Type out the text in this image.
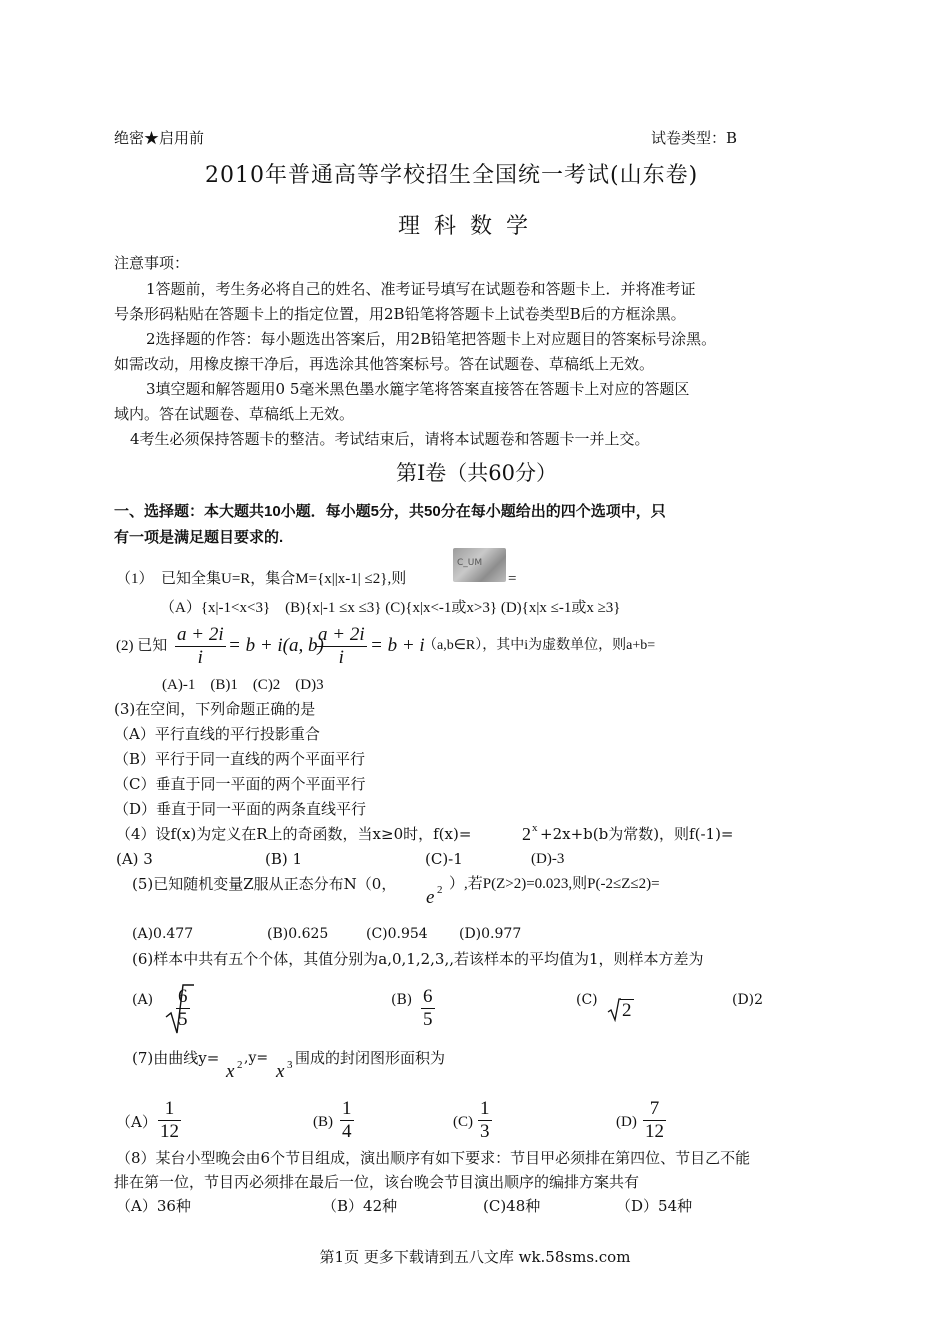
绝密★启用前	试卷类型：B
2010年普通高等学校招生全国统一考试(山东卷)
理科数学
注意事项：
1答题前，考生务必将自己的姓名、准考证号填写在试题卷和答题卡上．并将准考证
号条形码粘贴在答题卡上的指定位置，用2B铅笔将答题卡上试卷类型B后的方框涂黑。
2选择题的作答：每小题选出答案后，用2B铅笔把答题卡上对应题目的答案标号涂黑。
如需改动，用橡皮擦干净后，再选涂其他答案标号。答在试题卷、草稿纸上无效。
3填空题和解答题用0 5毫米黑色墨水簏字笔将答案直接答在答题卡上对应的答题区
域内。答在试题卷、草稿纸上无效。
4考生必须保持答题卡的整洁。考试结束后，请将本试题卷和答题卡一并上交。
第Ⅰ卷（共60分）
一、选择题：本大题共10小题．每小题5分，共50分在每小题给出的四个选项中，只
有一项是满足题目要求的.
（1）　已知全集U=R，集合M={x||x-1| ≤2},则
C_UM
=
（A）{x|-1<x<3}　(B){x|-1 ≤x ≤3} (C){x|x<-1或x>3} (D){x|x ≤-1或x ≥3}
(2) 已知 $\frac{a + 2i}{i} = b + i(a$, b)
$\frac{a + 2i}{i} = b + i$
（a,b∈R），其中i为虚数单位，则a+b=
(A)-1　(B)1　(C)2　(D)3
(3)在空间，下列命题正确的是
（A）平行直线的平行投影重合
（B）平行于同一直线的两个平面平行
（C）垂直于同一平面的两个平面平行
（D）垂直于同一平面的两条直线平行
（4）设f(x)为定义在R上的奇函数，当x≥0时，f(x)=	2 x +2x+b(b为常数)，则f(-1)=
(A) 3	(B) 1	(C)-1	(D)-3
(5)已知随机变量Z服从正态分布N（0，
e 2 ）,若P(Z>2)=0.023,则P(-2≤Z≤2)=
(A)0.477	(B)0.625	(C)0.954 (D)0.977
(6)样本中共有五个个体，其值分别为a,0,1,2,3,,若该样本的平均值为1，则样本方差为
$(A) \frac{6}{5}$	$(B) \frac{6}{5}$	(C) 2	(D)2
(7)由曲线y=
x 2 ,y=
x 3 围成的封闭图形面积为
$(A) \frac{1}{12}$	$(B) \frac{1}{4}$	$(C) \frac{1}{3}$	$(D) \frac{7}{12}$
（8）某台小型晚会由6个节目组成，演出顺序有如下要求：节目甲必须排在第四位、节目乙不能
排在第一位，节目丙必须排在最后一位，该台晚会节目演出顺序的编排方案共有
（A）36种	（B）42种	(C)48种	（D）54种
第1页 更多下载请到五八文库 wk.58sms.com
